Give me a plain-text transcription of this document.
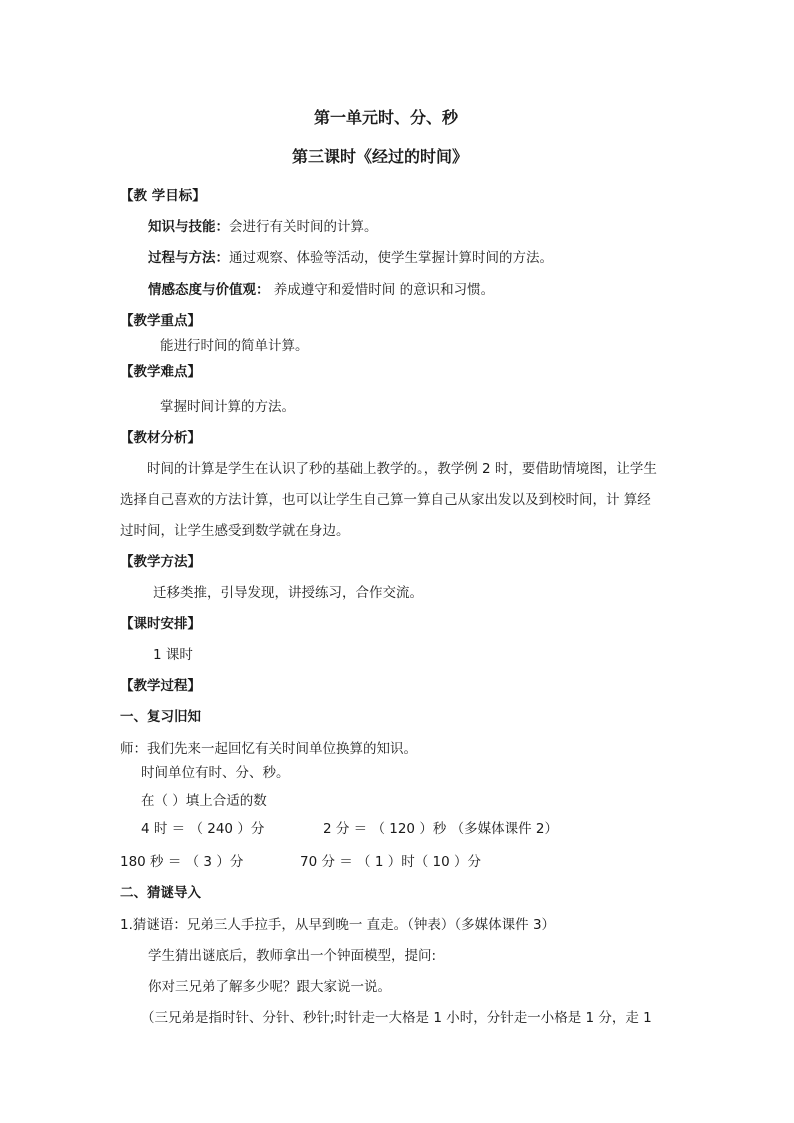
第一单元时、分、秒
第三课时《经过的时间》
【教 学目标】
知识与技能：会进行有关时间的计算。
过程与方法：通过观察、体验等活动，使学生掌握计算时间的方法。
情感态度与价值观： 养成遵守和爱惜时间 的意识和习惯。
【教学重点】
能进行时间的简单计算。
【教学难点】
掌握时间计算的方法。
【教材分析】
时间的计算是学生在认识了秒的基础上教学的。，教学例 2 时，要借助情境图，让学生
选择自己喜欢的方法计算，也可以让学生自己算一算自己从家出发以及到校时间，计 算经
过时间，让学生感受到数学就在身边。
【教学方法】
迁移类推，引导发现，讲授练习，合作交流。
【课时安排】
1 课时
【教学过程】
一、复习旧知
师：我们先来一起回忆有关时间单位换算的知识。
时间单位有时、分、秒。
在（ ）填上合适的数
4 时 ＝ （ 240 ）分	2 分 ＝ （ 120 ）秒 （多媒体课件 2）
180 秒 ＝ （ 3 ）分	70 分 ＝ （ 1 ）时（ 10 ）分
二、猜谜导入
1.猜谜语：兄弟三人手拉手，从早到晚一 直走。（钟表）（多媒体课件 3）
学生猜出谜底后，教师拿出一个钟面模型，提问:
你对三兄弟了解多少呢？跟大家说一说。
（三兄弟是指时针、分针、秒针;时针走一大格是 1 小时，分针走一小格是 1 分，走 1
